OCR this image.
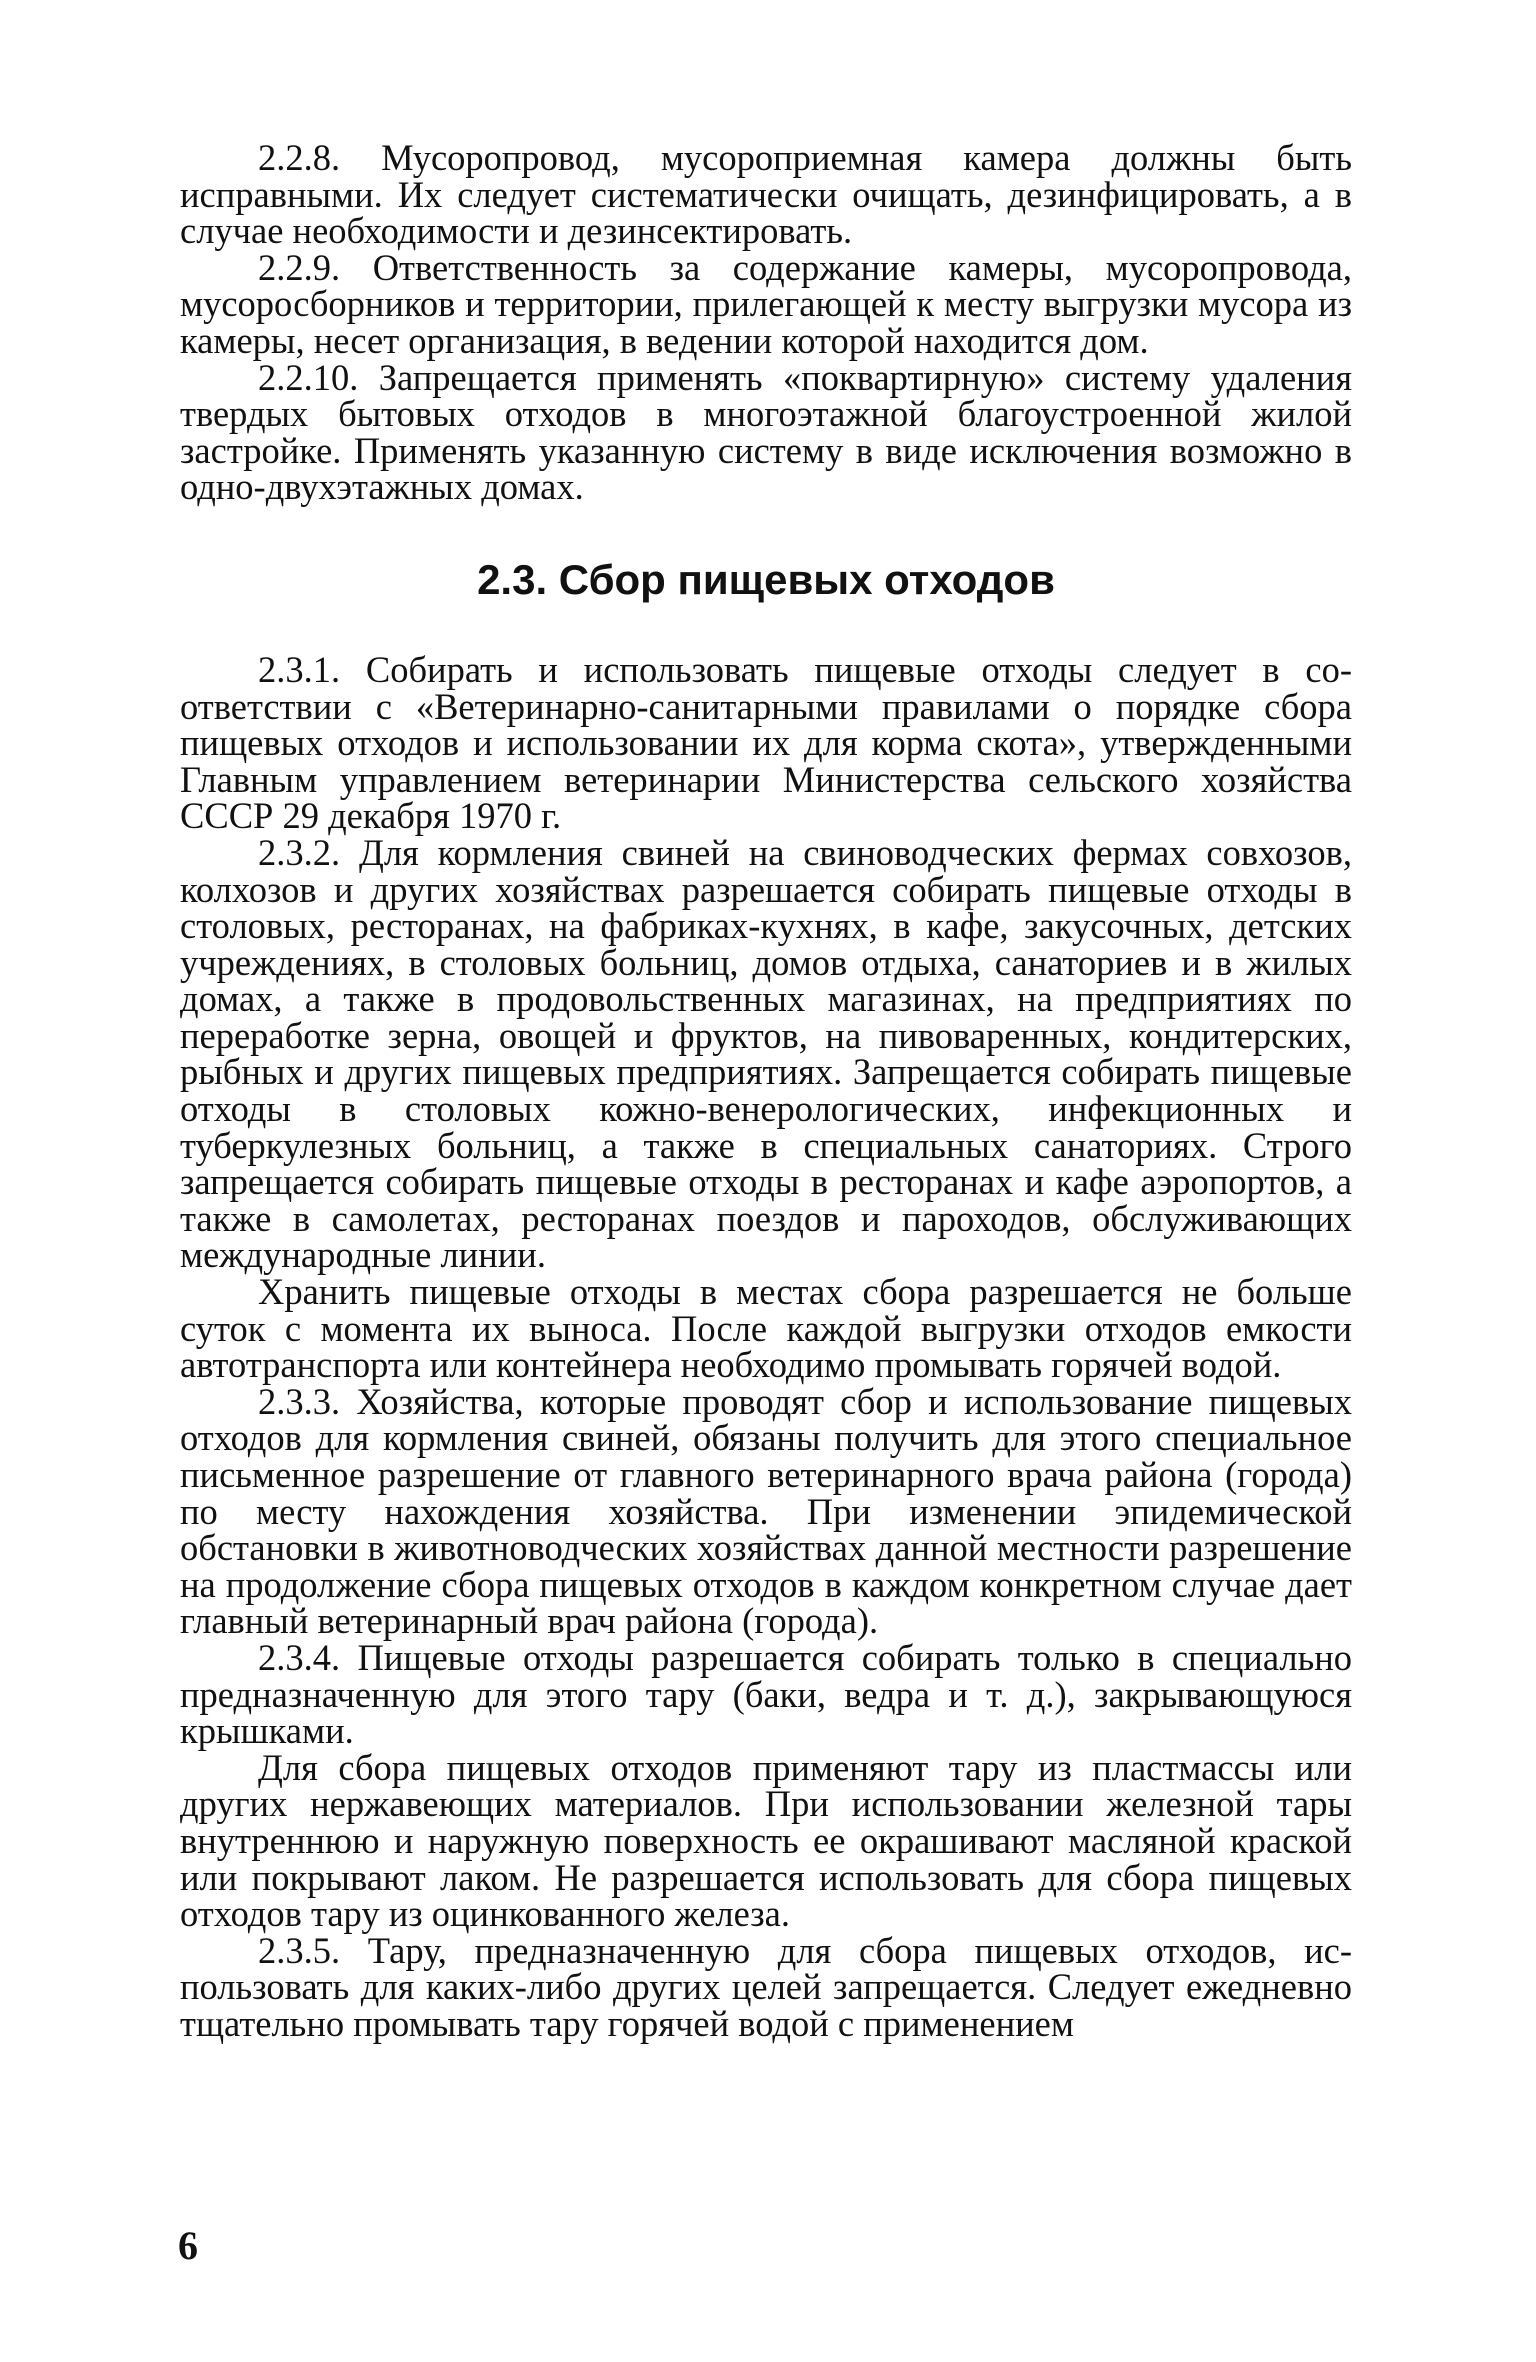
2.2.8. Мусоропровод, мусороприемная камера должны быть исправными. Их следует систематически очищать, дезинфицировать, а в случае необходимости и дезинсектировать.

2.2.9. Ответственность за содержание камеры, мусоропровода, мусоросборников и территории, прилегающей к месту выгрузки мусора из камеры, несет организация, в ведении которой находится дом.

2.2.10. Запрещается применять «поквартирную» систему удаления твердых бытовых отходов в многоэтажной благоустроенной жилой застройке. Применять указанную систему в виде исключения возможно в одно-двухэтажных домах.

2.3. Сбор пищевых отходов

2.3.1. Собирать и использовать пищевые отходы следует в соответствии с «Ветеринарно-санитарными правилами о порядке сбора пищевых отходов и использовании их для корма скота», утвержденными Главным управлением ветеринарии Министерства сельского хозяйства СССР 29 декабря 1970 г.

2.3.2. Для кормления свиней на свиноводческих фермах совхозов, колхозов и других хозяйствах разрешается собирать пищевые отходы в столовых, ресторанах, на фабриках-кухнях, в кафе, закусочных, детских учреждениях, в столовых больниц, домов отдыха, санаториев и в жилых домах, а также в продовольственных магазинах, на предприятиях по переработке зерна, овощей и фруктов, на пивоваренных, кондитерских, рыбных и других пищевых предприятиях. Запрещается собирать пищевые отходы в столовых кожно-венерологических, инфекционных и туберкулезных больниц, а также в специальных санаториях. Строго запрещается собирать пищевые отходы в ресторанах и кафе аэропортов, а также в самолетах, ресторанах поездов и пароходов, обслуживающих международные линии.

Хранить пищевые отходы в местах сбора разрешается не больше суток с момента их выноса. После каждой выгрузки отходов емкости автотранспорта или контейнера необходимо промывать горячей водой.

2.3.3. Хозяйства, которые проводят сбор и использование пищевых отходов для кормления свиней, обязаны получить для этого специальное письменное разрешение от главного ветеринарного врача района (города) по месту нахождения хозяйства. При изменении эпидемической обстановки в животноводческих хозяйствах данной местности разрешение на продолжение сбора пищевых отходов в каждом конкретном случае дает главный ветеринарный врач района (города).

2.3.4. Пищевые отходы разрешается собирать только в специально предназначенную для этого тару (баки, ведра и т. д.), закрывающуюся крышками.

Для сбора пищевых отходов применяют тару из пластмассы или других нержавеющих материалов. При использовании железной тары внутреннюю и наружную поверхность ее окрашивают масляной краской или покрывают лаком. Не разрешается использовать для сбора пищевых отходов тару из оцинкованного железа.

2.3.5. Тару, предназначенную для сбора пищевых отходов, использовать для каких-либо других целей запрещается. Следует ежедневно тщательно промывать тару горячей водой с применением

6
